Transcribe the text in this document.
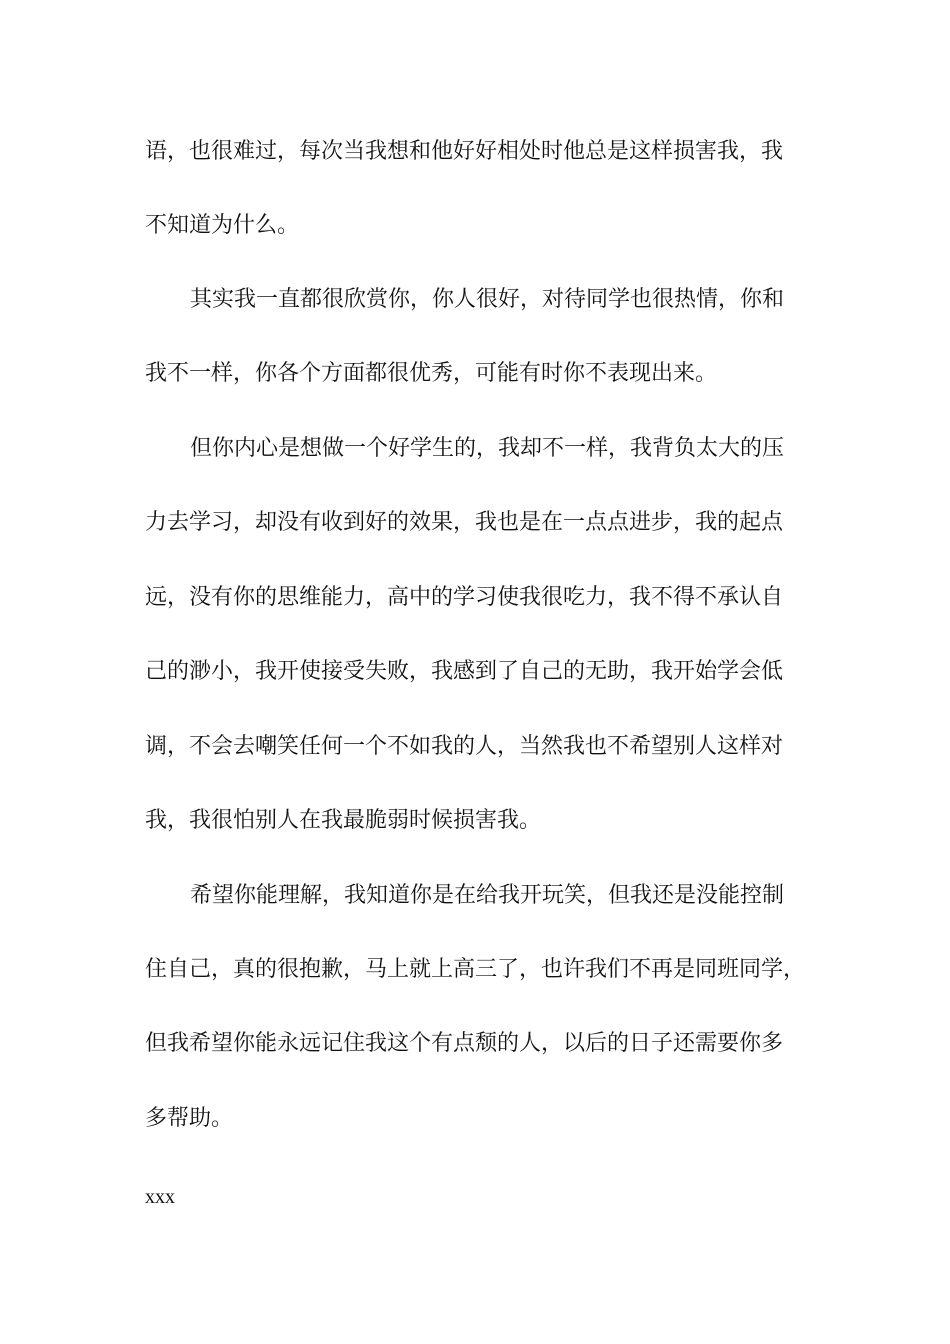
语，也很难过，每次当我想和他好好相处时他总是这样损害我，我
不知道为什么。
其实我一直都很欣赏你，你人很好，对待同学也很热情，你和
我不一样，你各个方面都很优秀，可能有时你不表现出来。
但你内心是想做一个好学生的，我却不一样，我背负太大的压
力去学习，却没有收到好的效果，我也是在一点点进步，我的起点
远，没有你的思维能力，高中的学习使我很吃力，我不得不承认自
己的渺小，我开使接受失败，我感到了自己的无助，我开始学会低
调，不会去嘲笑任何一个不如我的人，当然我也不希望别人这样对
我，我很怕别人在我最脆弱时候损害我。
希望你能理解，我知道你是在给我开玩笑，但我还是没能控制
住自己，真的很抱歉，马上就上高三了，也许我们不再是同班同学，
但我希望你能永远记住我这个有点颓的人，以后的日子还需要你多
多帮助。
xxx
